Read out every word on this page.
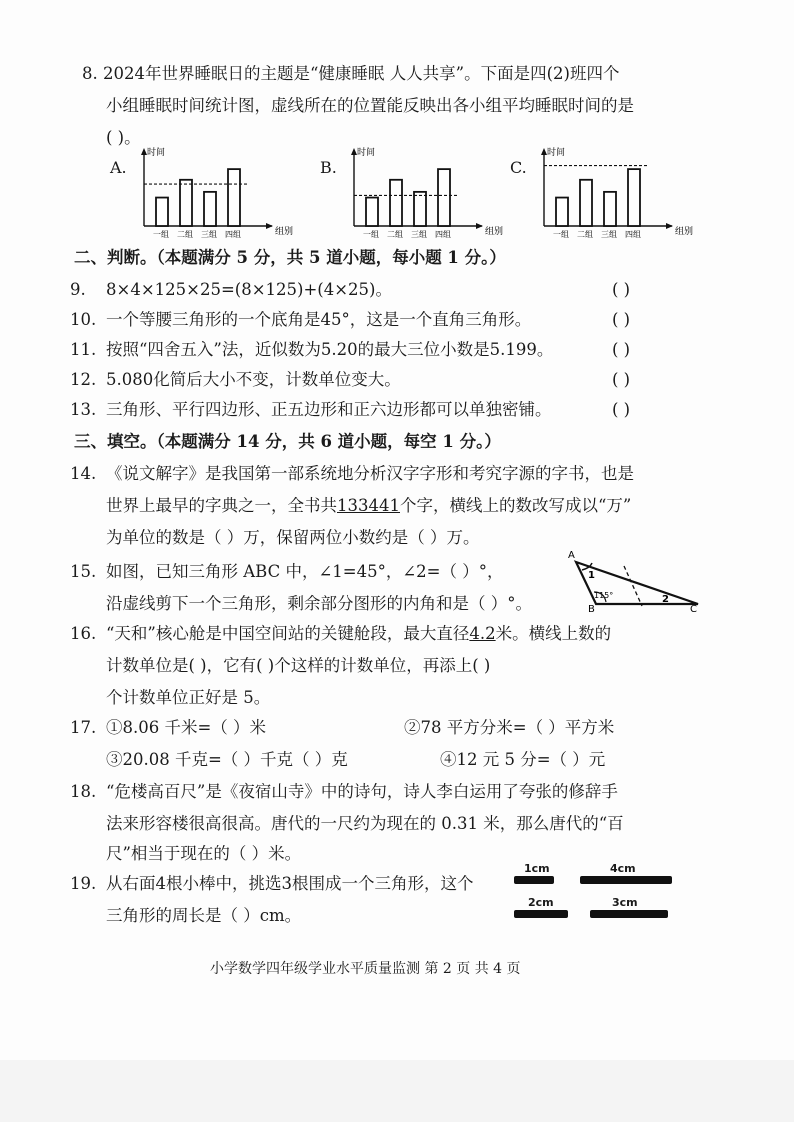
8. 2024年世界睡眠日的主题是“健康睡眠 人人共享”。下面是四(2)班四个
小组睡眠时间统计图，虚线所在的位置能反映出各小组平均睡眠时间的是
( )。
A.
时间
组别
一组 二组 三组 四组
B.
时间
组别
一组 二组 三组 四组
C.
时间
组别
一组 二组 三组 四组
二、判断。（本题满分 5 分，共 5 道小题，每小题 1 分。）
9. 8×4×125×25=(8×125)+(4×25)。	( )
10. 一个等腰三角形的一个底角是45°，这是一个直角三角形。	( )
11. 按照“四舍五入”法，近似数为5.20的最大三位小数是5.199。	( )
12. 5.080化简后大小不变，计数单位变大。	( )
13. 三角形、平行四边形、正五边形和正六边形都可以单独密铺。	( )
三、填空。（本题满分 14 分，共 6 道小题，每空 1 分。）
14. 《说文解字》是我国第一部系统地分析汉字字形和考究字源的字书，也是
世界上最早的字典之一，全书共133441个字，横线上的数改写成以“万”
为单位的数是（ ）万，保留两位小数约是（ ）万。
15. 如图，已知三角形 ABC 中，∠1=45°，∠2=（ ）°，
沿虚线剪下一个三角形，剩余部分图形的内角和是（ ）°。
A
B	C
1
2
115°
16. “天和”核心舱是中国空间站的关键舱段，最大直径4.2米。横线上数的
计数单位是( )，它有( )个这样的计数单位，再添上( )
个计数单位正好是 5。
17. ①8.06 千米=（ ）米	②78 平方分米=（ ）平方米
③20.08 千克=（ ）千克（ ）克	④12 元 5 分=（ ）元
18. “危楼高百尺”是《夜宿山寺》中的诗句，诗人李白运用了夸张的修辞手
法来形容楼很高很高。唐代的一尺约为现在的 0.31 米，那么唐代的“百
尺”相当于现在的（ ）米。
19. 从右面4根小棒中，挑选3根围成一个三角形，这个
三角形的周长是（ ）cm。
1cm	4cm
2cm	3cm
小学数学四年级学业水平质量监测 第 2 页 共 4 页
